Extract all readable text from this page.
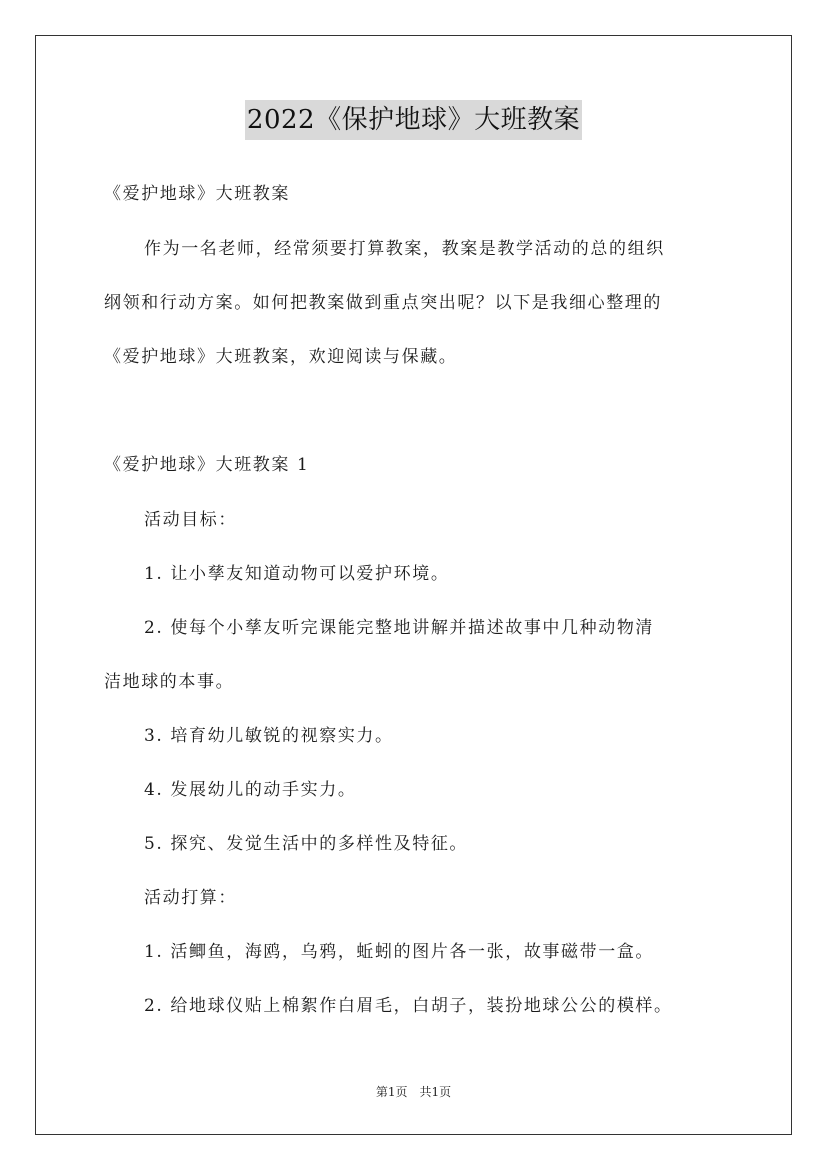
2022《保护地球》大班教案
《爱护地球》大班教案
作为一名老师，经常须要打算教案，教案是教学活动的总的组织
纲领和行动方案。如何把教案做到重点突出呢？以下是我细心整理的
《爱护地球》大班教案，欢迎阅读与保藏。
《爱护地球》大班教案 1
活动目标：
1. 让小孳友知道动物可以爱护环境。
2. 使每个小孳友听完课能完整地讲解并描述故事中几种动物清
洁地球的本事。
3. 培育幼儿敏锐的视察实力。
4. 发展幼儿的动手实力。
5. 探究、发觉生活中的多样性及特征。
活动打算：
1. 活鲫鱼，海鸥，乌鸦，蚯蚓的图片各一张，故事磁带一盒。
2. 给地球仪贴上棉絮作白眉毛，白胡子，装扮地球公公的模样。
第1页　共1页
